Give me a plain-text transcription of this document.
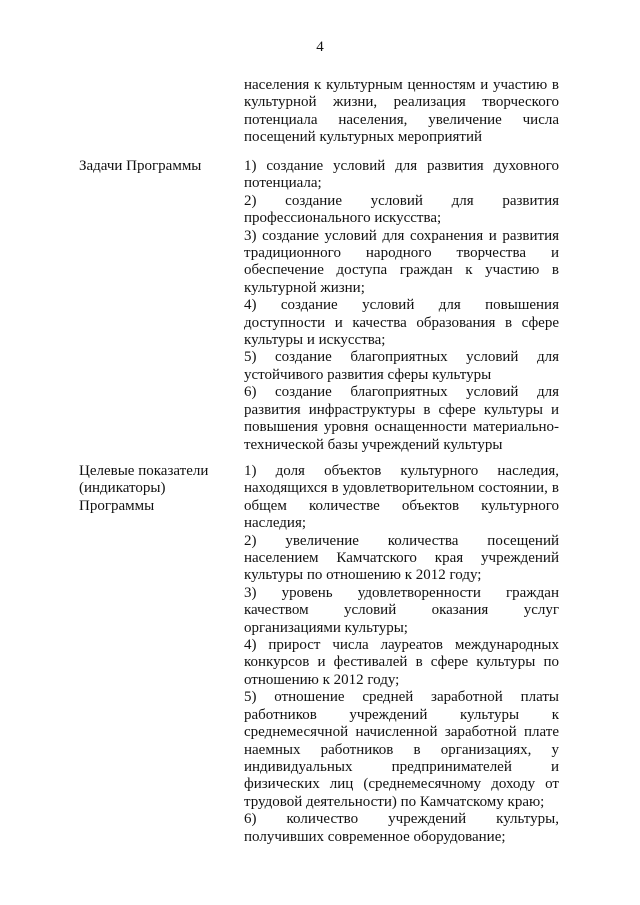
4

населения к культурным ценностям и участию в культурной жизни, реализация творческого потенциала населения, увеличение числа посещений культурных мероприятий

Задачи Программы	1) создание условий для развития духовного потенциала;

2) создание условий для развития профессионального искусства;

3) создание условий для сохранения и развития традиционного народного творчества и обеспечение доступа граждан к участию в культурной жизни;

4) создание условий для повышения доступности и качества образования в сфере культуры и искусства;

5) создание благоприятных условий для устойчивого развития сферы культуры

6) создание благоприятных условий для развития инфраструктуры в сфере культуры и повышения уровня оснащенности материально-технической базы учреждений культуры

Целевые показатели
(индикаторы)
Программы

1) доля объектов культурного наследия, находящихся в удовлетворительном состоянии, в общем количестве объектов культурного наследия;

2) увеличение количества посещений населением Камчатского края учреждений культуры по отношению к 2012 году;

3) уровень удовлетворенности граждан качеством условий оказания услуг организациями культуры;

4) прирост числа лауреатов международных конкурсов и фестивалей в сфере культуры по отношению к 2012 году;

5) отношение средней заработной платы работников учреждений культуры к среднемесячной начисленной заработной плате наемных работников в организациях, у индивидуальных предпринимателей и физических лиц (среднемесячному доходу от трудовой деятельности) по Камчатскому краю;

6) количество учреждений культуры, получивших современное оборудование;
